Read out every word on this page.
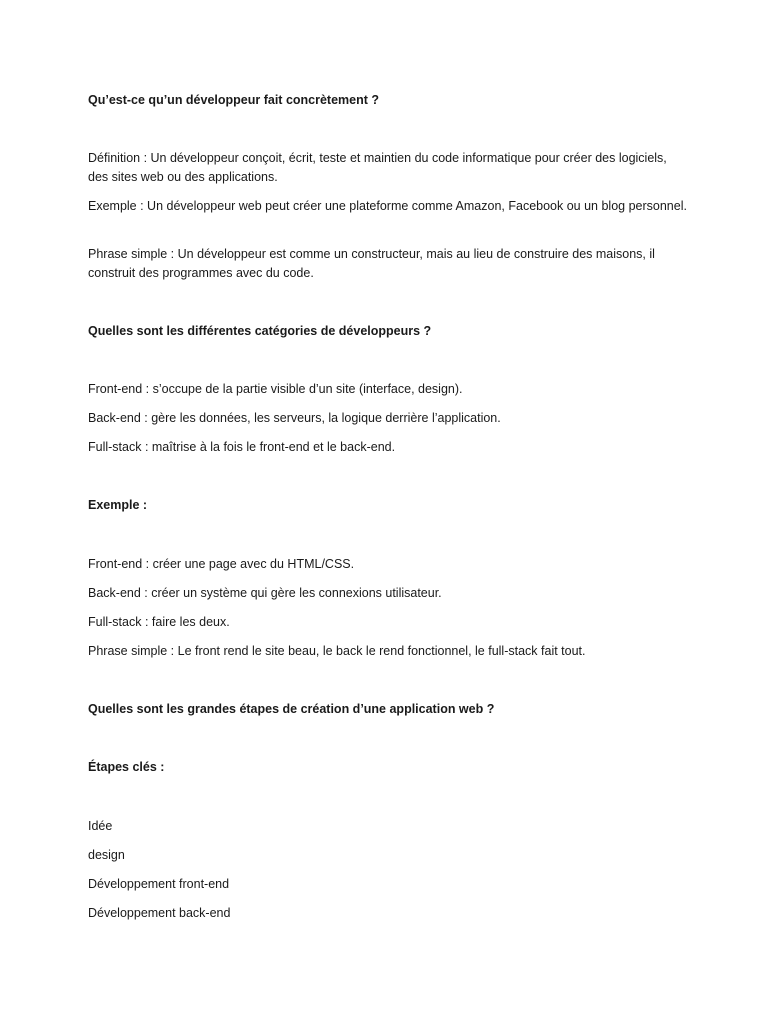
Qu’est-ce qu’un développeur fait concrètement ?
Définition : Un développeur conçoit, écrit, teste et maintien du code informatique pour créer des logiciels, des sites web ou des applications.
Exemple : Un développeur web peut créer une plateforme comme Amazon, Facebook ou un blog personnel.
Phrase simple : Un développeur est comme un constructeur, mais au lieu de construire des maisons, il construit des programmes avec du code.
Quelles sont les différentes catégories de développeurs ?
Front-end : s’occupe de la partie visible d’un site (interface, design).
Back-end : gère les données, les serveurs, la logique derrière l’application.
Full-stack : maîtrise à la fois le front-end et le back-end.
Exemple :
Front-end : créer une page avec du HTML/CSS.
Back-end : créer un système qui gère les connexions utilisateur.
Full-stack : faire les deux.
Phrase simple : Le front rend le site beau, le back le rend fonctionnel, le full-stack fait tout.
Quelles sont les grandes étapes de création d’une application web ?
Étapes clés :
Idée
design
Développement front-end
Développement back-end
